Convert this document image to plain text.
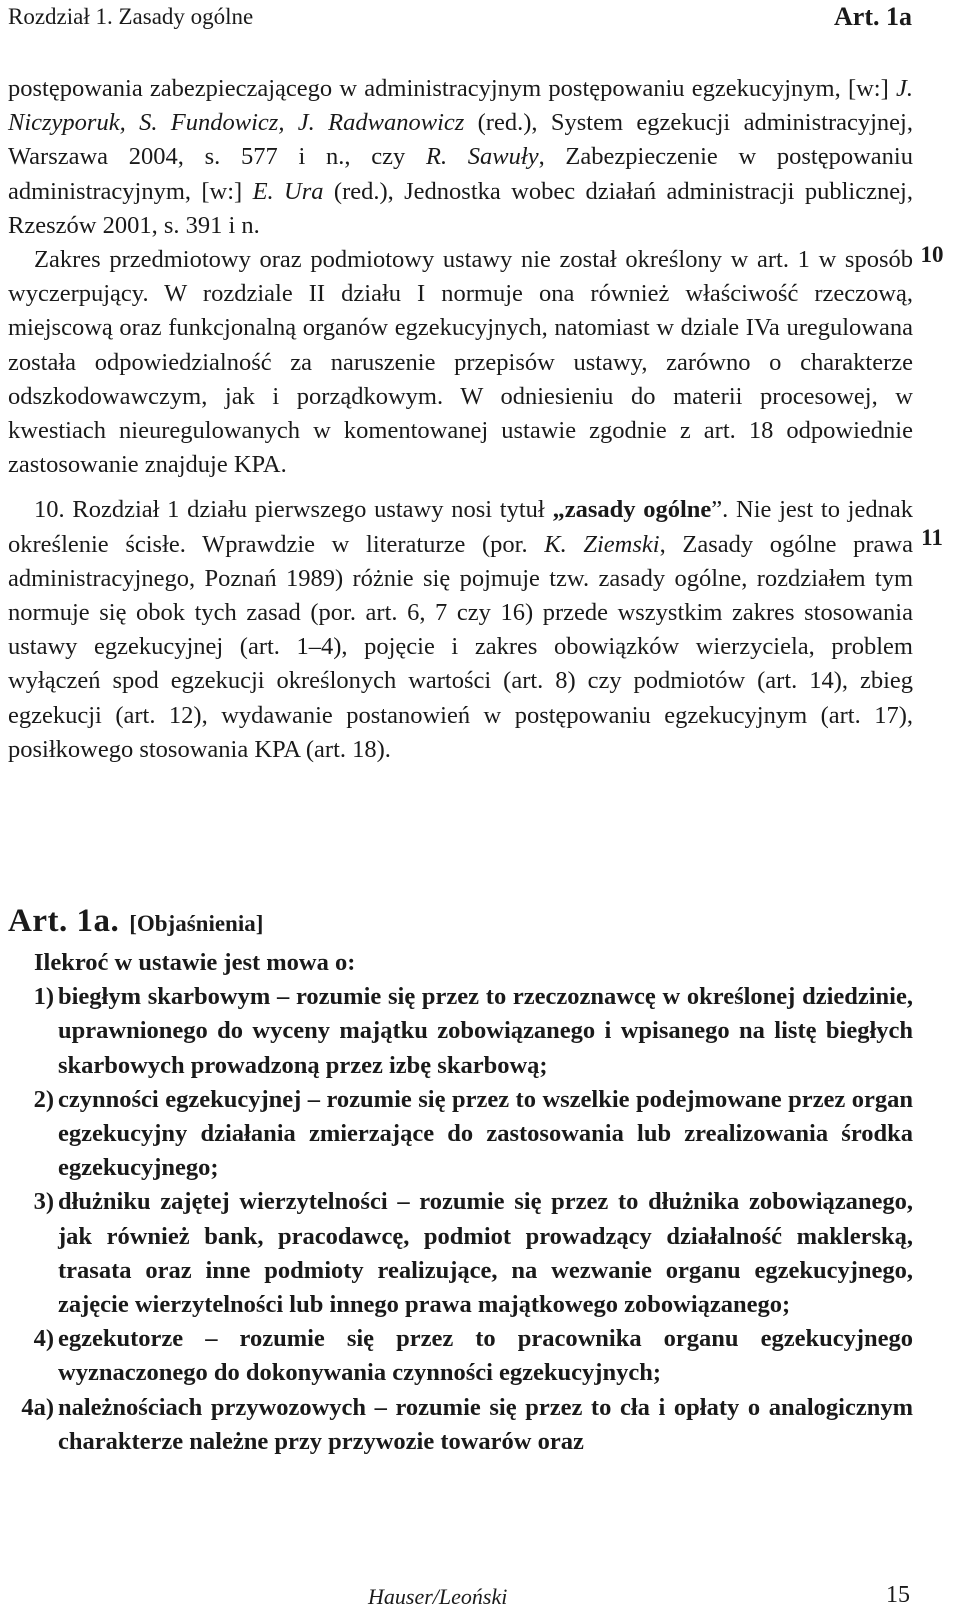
Rozdział 1. Zasady ogólne	Art. 1a

postępowania zabezpieczającego w administracyjnym postępowaniu egzekucyjnym, [w:] J. Niczyporuk, S. Fundowicz, J. Radwanowicz (red.), System egzekucji administracyjnej, Warszawa 2004, s. 577 i n., czy R. Sawuły, Zabezpieczenie w postępowaniu administracyjnym, [w:] E. Ura (red.), Jednostka wobec działań administracji publicznej, Rzeszów 2001, s. 391 i n.

Zakres przedmiotowy oraz podmiotowy ustawy nie został określony w art. 1 w sposób wyczerpujący. W rozdziale II działu I normuje ona również właściwość rzeczową, miejscową oraz funkcjonalną organów egzekucyjnych, natomiast w dziale IVa uregulowana została odpowiedzialność za naruszenie przepisów ustawy, zarówno o charakterze odszkodowawczym, jak i porządkowym. W odniesieniu do materii procesowej, w kwestiach nieuregulowanych w komentowanej ustawie zgodnie z art. 18 odpowiednie zastosowanie znajduje KPA.

10. Rozdział 1 działu pierwszego ustawy nosi tytuł „zasady ogólne”. Nie jest to jednak określenie ścisłe. Wprawdzie w literaturze (por. K. Ziemski, Zasady ogólne prawa administracyjnego, Poznań 1989) różnie się pojmuje tzw. zasady ogólne, rozdziałem tym normuje się obok tych zasad (por. art. 6, 7 czy 16) przede wszystkim zakres stosowania ustawy egzekucyjnej (art. 1–4), pojęcie i zakres obowiązków wierzyciela, problem wyłączeń spod egzekucji określonych wartości (art. 8) czy podmiotów (art. 14), zbieg egzekucji (art. 12), wydawanie postanowień w postępowaniu egzekucyjnym (art. 17), posiłkowego stosowania KPA (art. 18).

10
11
Art. 1a. [Objaśnienia]
Ilekroć w ustawie jest mowa o:
1) biegłym skarbowym – rozumie się przez to rzeczoznawcę w określonej dziedzinie, uprawnionego do wyceny majątku zobowiązanego i wpisanego na listę biegłych skarbowych prowadzoną przez izbę skarbową;
2) czynności egzekucyjnej – rozumie się przez to wszelkie podejmowane przez organ egzekucyjny działania zmierzające do zastosowania lub zrealizowania środka egzekucyjnego;
3) dłużniku zajętej wierzytelności – rozumie się przez to dłużnika zobowiązanego, jak również bank, pracodawcę, podmiot prowadzący działalność maklerską, trasata oraz inne podmioty realizujące, na wezwanie organu egzekucyjnego, zajęcie wierzytelności lub innego prawa majątkowego zobowiązanego;
4) egzekutorze – rozumie się przez to pracownika organu egzekucyjnego wyznaczonego do dokonywania czynności egzekucyjnych;
4a) należnościach przywozowych – rozumie się przez to cła i opłaty o analogicznym charakterze należne przy przywozie towarów oraz
Hauser/Leoński	15
